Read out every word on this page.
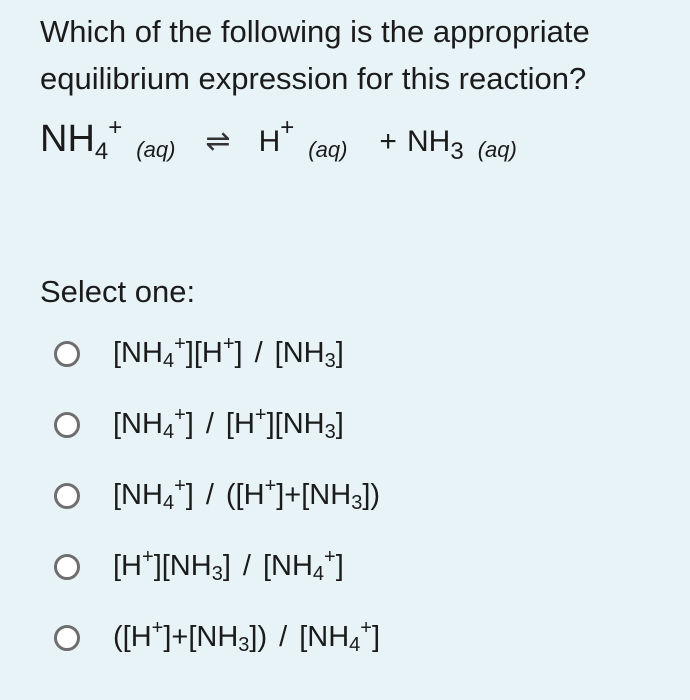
Which of the following is the appropriate equilibrium expression for this reaction?
$NH_4^+$ (aq) ⇌ H+ $(aq) + NH_3$ (aq)

Select one:

$[NH_4^+][H^+] / [NH_3]$
$[NH_4^+] / [H^+][NH_3]$
$[NH_4^+] / ([H^+]+[NH_3])$
$[H^+][NH_3] / [NH_4^+]$
$([H^+]+[NH_3]) / [NH_4^+]$
